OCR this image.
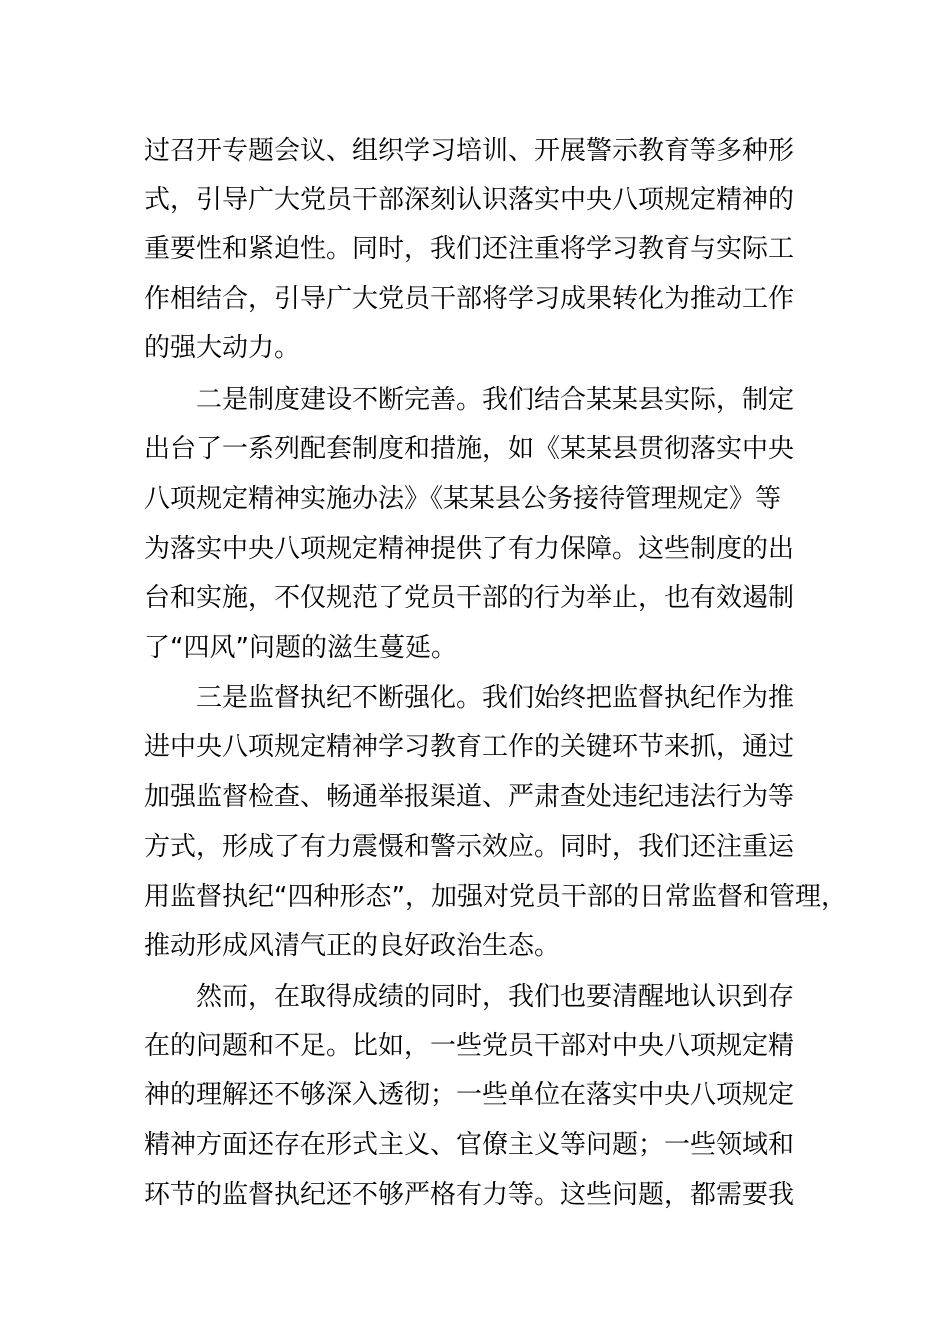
过召开专题会议、组织学习培训、开展警示教育等多种形
式，引导广大党员干部深刻认识落实中央八项规定精神的
重要性和紧迫性。同时，我们还注重将学习教育与实际工
作相结合，引导广大党员干部将学习成果转化为推动工作
的强大动力。
二是制度建设不断完善。我们结合某某县实际，制定
出台了一系列配套制度和措施，如《某某县贯彻落实中央
八项规定精神实施办法》《某某县公务接待管理规定》等
为落实中央八项规定精神提供了有力保障。这些制度的出
台和实施，不仅规范了党员干部的行为举止，也有效遏制
了“四风”问题的滋生蔓延。
三是监督执纪不断强化。我们始终把监督执纪作为推
进中央八项规定精神学习教育工作的关键环节来抓，通过
加强监督检查、畅通举报渠道、严肃查处违纪违法行为等
方式，形成了有力震慑和警示效应。同时，我们还注重运
用监督执纪“四种形态”，加强对党员干部的日常监督和管理，
推动形成风清气正的良好政治生态。
然而，在取得成绩的同时，我们也要清醒地认识到存
在的问题和不足。比如，一些党员干部对中央八项规定精
神的理解还不够深入透彻；一些单位在落实中央八项规定
精神方面还存在形式主义、官僚主义等问题；一些领域和
环节的监督执纪还不够严格有力等。这些问题，都需要我
